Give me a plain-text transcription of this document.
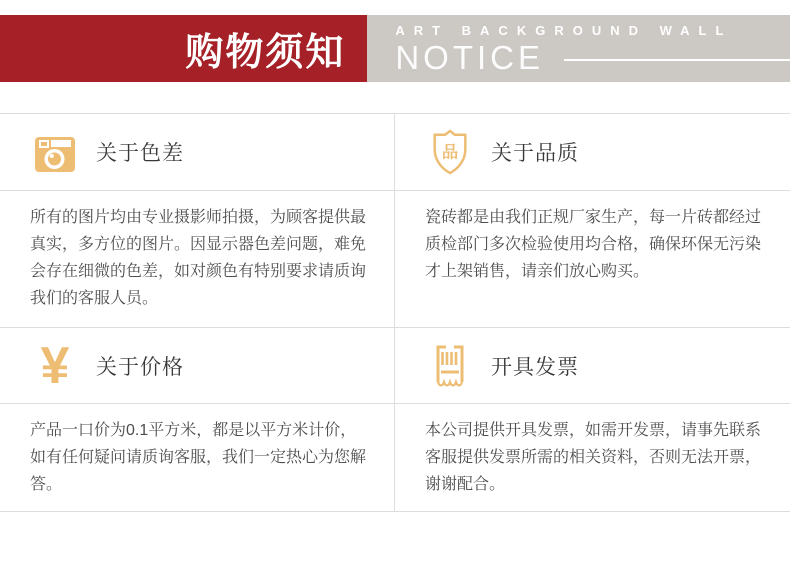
购物须知
ART BACKGROUND WALL
NOTICE
关于色差	品 关于品质

所有的图片均由专业摄影师拍摄，为顾客提供最真实，多方位的图片。因显示器色差问题，难免会存在细微的色差，如对颜色有特别要求请质询我们的客服人员。

瓷砖都是由我们正规厂家生产，每一片砖都经过质检部门多次检验使用均合格，确保环保无污染才上架销售，请亲们放心购买。

¥ 关于价格	开具发票

产品一口价为0.1平方米，都是以平方米计价，如有任何疑问请质询客服，我们一定热心为您解答。

本公司提供开具发票，如需开发票，请事先联系客服提供发票所需的相关资料，否则无法开票，谢谢配合。
